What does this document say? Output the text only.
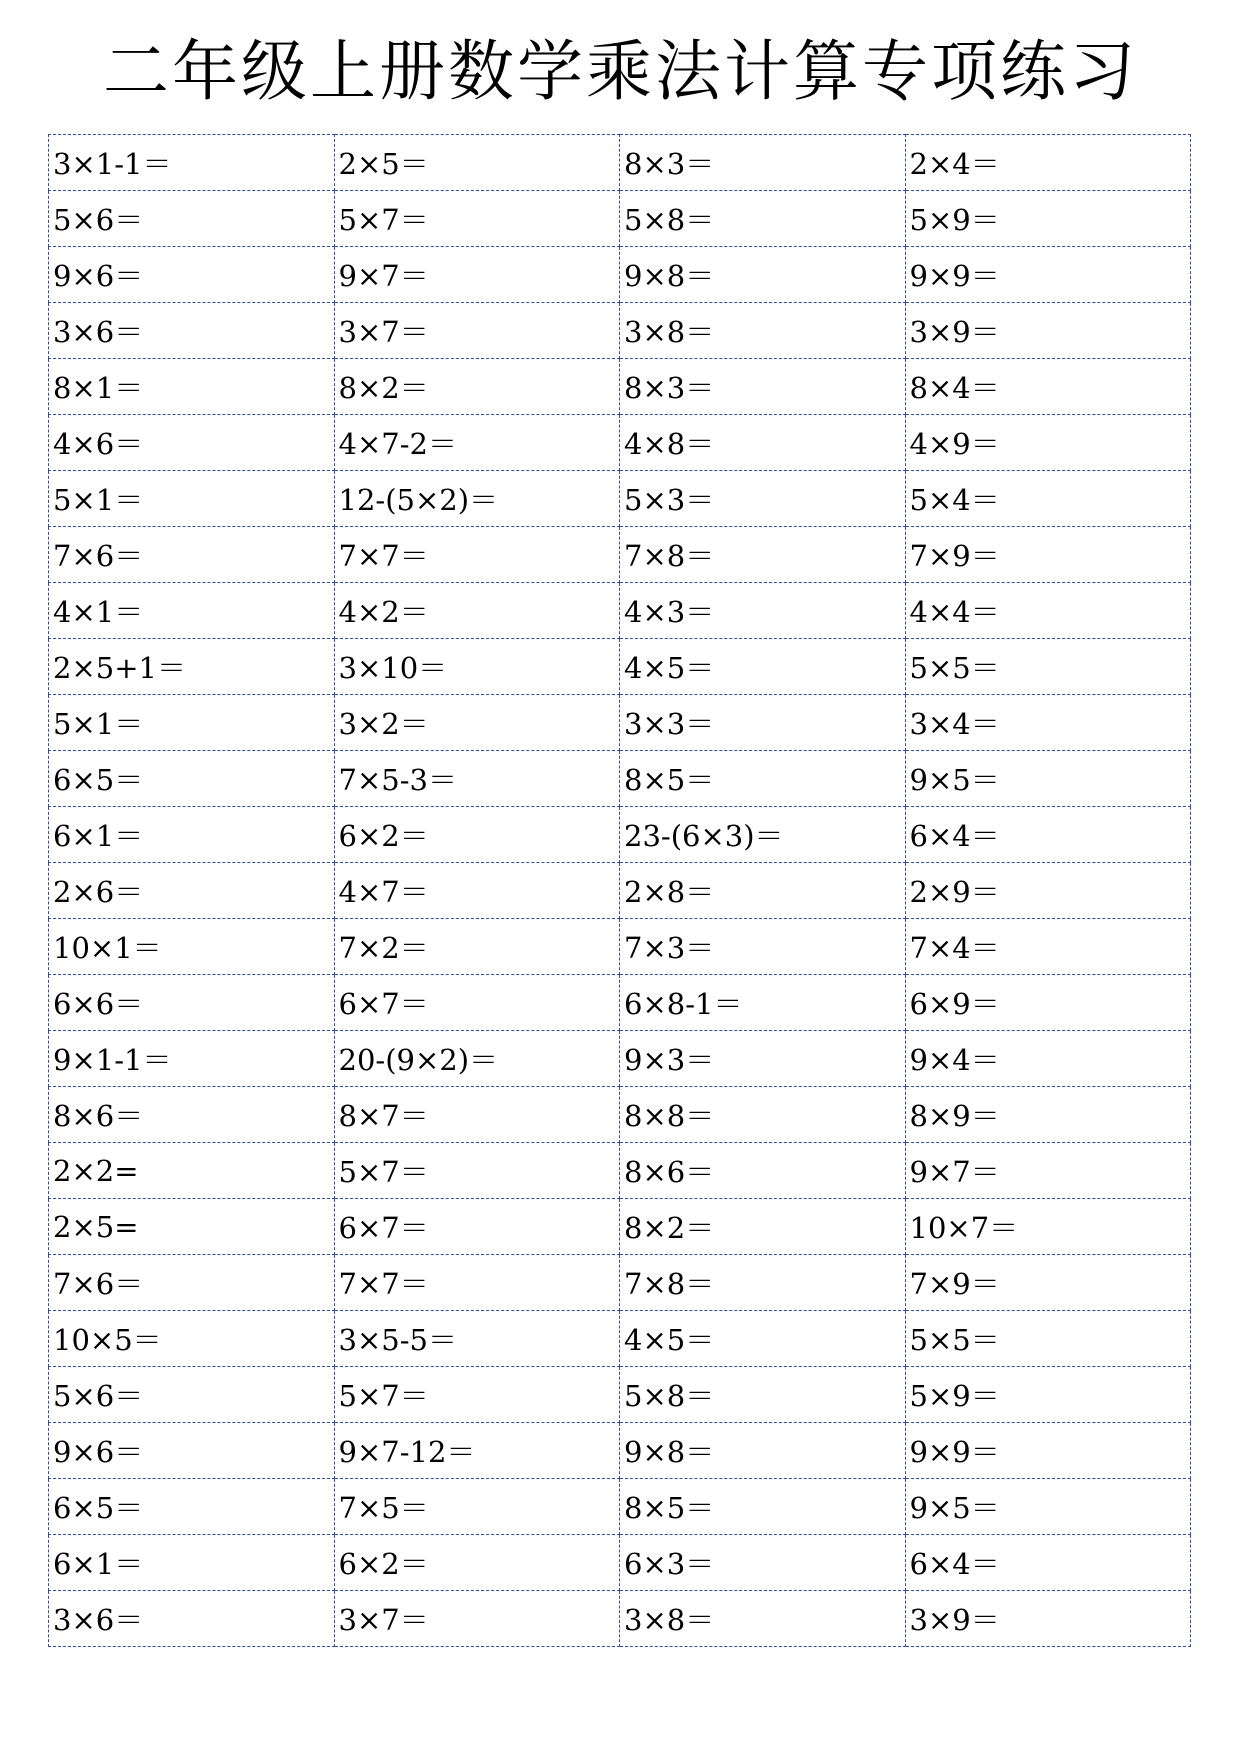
二年级上册数学乘法计算专项练习
3×1-1＝	2×5＝	8×3＝	2×4＝
5×6＝	5×7＝	5×8＝	5×9＝
9×6＝	9×7＝	9×8＝	9×9＝
3×6＝	3×7＝	3×8＝	3×9＝
8×1＝	8×2＝	8×3＝	8×4＝
4×6＝	4×7-2＝	4×8＝	4×9＝
5×1＝	12-(5×2)＝	5×3＝	5×4＝
7×6＝	7×7＝	7×8＝	7×9＝
4×1＝	4×2＝	4×3＝	4×4＝
2×5+1＝	3×10＝	4×5＝	5×5＝
5×1＝	3×2＝	3×3＝	3×4＝
6×5＝	7×5-3＝	8×5＝	9×5＝
6×1＝	6×2＝	23-(6×3)＝	6×4＝
2×6＝	4×7＝	2×8＝	2×9＝
10×1＝	7×2＝	7×3＝	7×4＝
6×6＝	6×7＝	6×8-1＝	6×9＝
9×1-1＝	20-(9×2)＝	9×3＝	9×4＝
8×6＝	8×7＝	8×8＝	8×9＝
2×2=	5×7＝	8×6＝	9×7＝
2×5=	6×7＝	8×2＝	10×7＝
7×6＝	7×7＝	7×8＝	7×9＝
10×5＝	3×5-5＝	4×5＝	5×5＝
5×6＝	5×7＝	5×8＝	5×9＝
9×6＝	9×7-12＝	9×8＝	9×9＝
6×5＝	7×5＝	8×5＝	9×5＝
6×1＝	6×2＝	6×3＝	6×4＝
3×6＝	3×7＝	3×8＝	3×9＝
